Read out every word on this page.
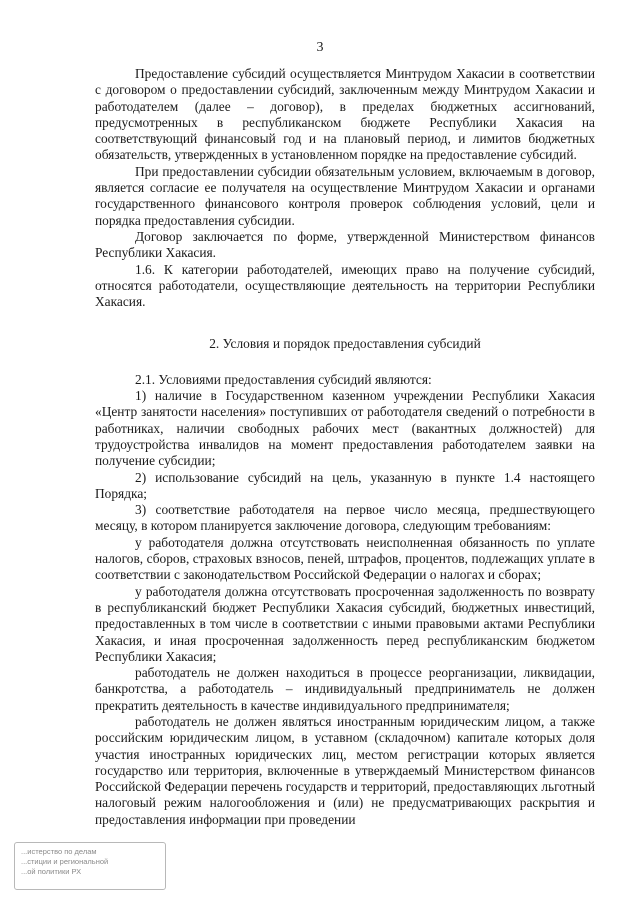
3

Предоставление субсидий осуществляется Минтрудом Хакасии в соответствии с договором о предоставлении субсидий, заключенным между Минтрудом Хакасии и работодателем (далее – договор), в пределах бюджетных ассигнований, предусмотренных в республиканском бюджете Республики Хакасия на соответствующий финансовый год и на плановый период, и лимитов бюджетных обязательств, утвержденных в установленном порядке на предоставление субсидий.

При предоставлении субсидии обязательным условием, включаемым в договор, является согласие ее получателя на осуществление Минтрудом Хакасии и органами государственного финансового контроля проверок соблюдения условий, цели и порядка предоставления субсидии.

Договор заключается по форме, утвержденной Министерством финансов Республики Хакасия.

1.6. К категории работодателей, имеющих право на получение субсидий, относятся работодатели, осуществляющие деятельность на территории Республики Хакасия.

2. Условия и порядок предоставления субсидий

2.1. Условиями предоставления субсидий являются:

1) наличие в Государственном казенном учреждении Республики Хакасия «Центр занятости населения» поступивших от работодателя сведений о потребности в работниках, наличии свободных рабочих мест (вакантных должностей) для трудоустройства инвалидов на момент предоставления работодателем заявки на получение субсидии;

2) использование субсидий на цель, указанную в пункте 1.4 настоящего Порядка;

3) соответствие работодателя на первое число месяца, предшествующего месяцу, в котором планируется заключение договора, следующим требованиям:

у работодателя должна отсутствовать неисполненная обязанность по уплате налогов, сборов, страховых взносов, пеней, штрафов, процентов, подлежащих уплате в соответствии с законодательством Российской Федерации о налогах и сборах;

у работодателя должна отсутствовать просроченная задолженность по возврату в республиканский бюджет Республики Хакасия субсидий, бюджетных инвестиций, предоставленных в том числе в соответствии с иными правовыми актами Республики Хакасия, и иная просроченная задолженность перед республиканским бюджетом Республики Хакасия;

работодатель не должен находиться в процессе реорганизации, ликвидации, банкротства, а работодатель – индивидуальный предприниматель не должен прекратить деятельность в качестве индивидуального предпринимателя;

работодатель не должен являться иностранным юридическим лицом, а также российским юридическим лицом, в уставном (складочном) капитале которых доля участия иностранных юридических лиц, местом регистрации которых является государство или территория, включенные в утверждаемый Министерством финансов Российской Федерации перечень государств и территорий, предоставляющих льготный налоговый режим налогообложения и (или) не предусматривающих раскрытия и предоставления информации при проведении

...истерство по делам
...стиции и региональной
...ой политики РХ
